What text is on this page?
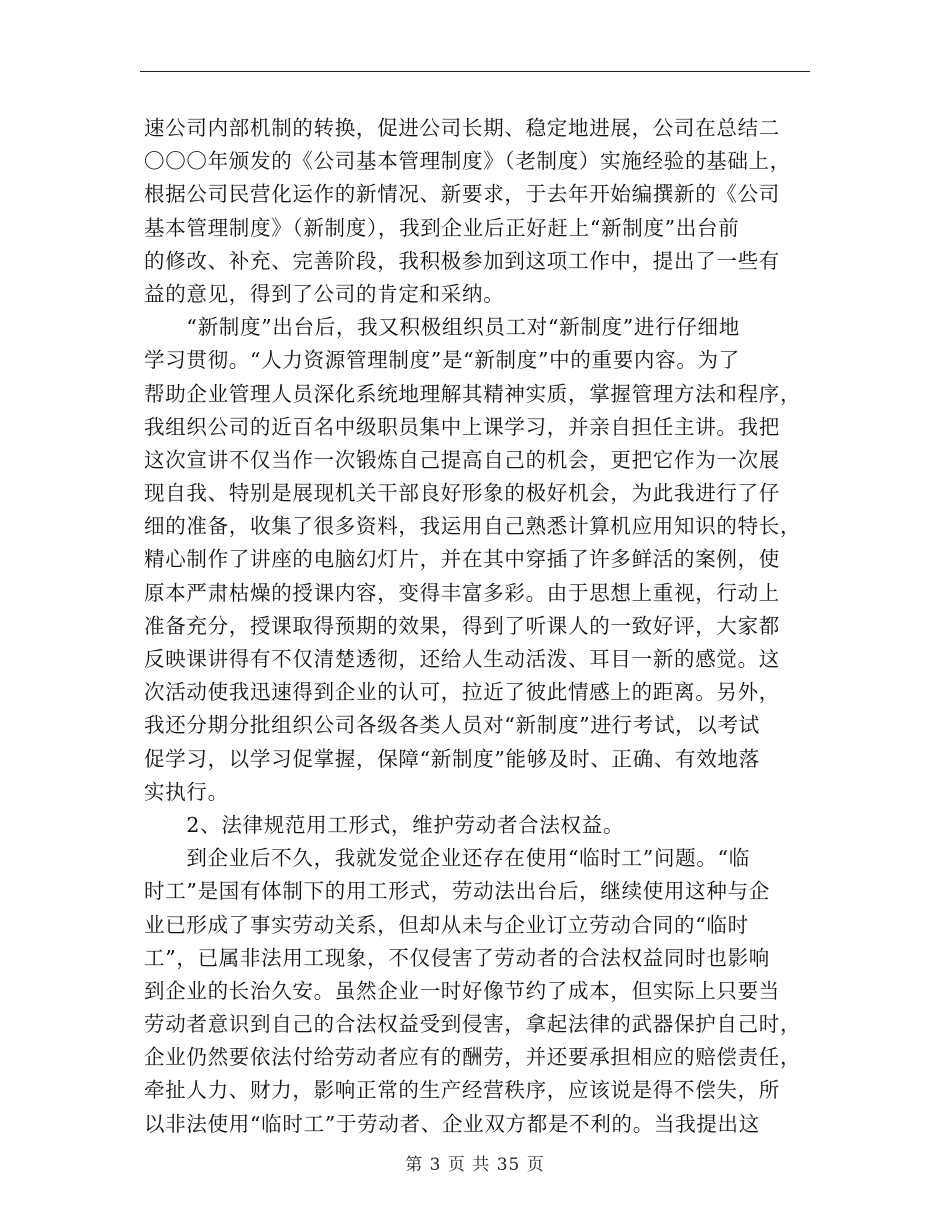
速公司内部机制的转换，促进公司长期、稳定地进展，公司在总结二
〇〇〇年颁发的《公司基本管理制度》（老制度）实施经验的基础上，
根据公司民营化运作的新情况、新要求，于去年开始编撰新的《公司
基本管理制度》（新制度），我到企业后正好赶上“新制度”出台前
的修改、补充、完善阶段，我积极参加到这项工作中，提出了一些有
益的意见，得到了公司的肯定和采纳。
　　“新制度”出台后，我又积极组织员工对“新制度”进行仔细地
学习贯彻。“人力资源管理制度”是“新制度”中的重要内容。为了
帮助企业管理人员深化系统地理解其精神实质，掌握管理方法和程序，
我组织公司的近百名中级职员集中上课学习，并亲自担任主讲。我把
这次宣讲不仅当作一次锻炼自己提高自己的机会，更把它作为一次展
现自我、特别是展现机关干部良好形象的极好机会，为此我进行了仔
细的准备，收集了很多资料，我运用自己熟悉计算机应用知识的特长，
精心制作了讲座的电脑幻灯片，并在其中穿插了许多鲜活的案例，使
原本严肃枯燥的授课内容，变得丰富多彩。由于思想上重视，行动上
准备充分，授课取得预期的效果，得到了听课人的一致好评，大家都
反映课讲得有不仅清楚透彻，还给人生动活泼、耳目一新的感觉。这
次活动使我迅速得到企业的认可，拉近了彼此情感上的距离。另外，
我还分期分批组织公司各级各类人员对“新制度”进行考试，以考试
促学习，以学习促掌握，保障“新制度”能够及时、正确、有效地落
实执行。
　　2、法律规范用工形式，维护劳动者合法权益。
　　到企业后不久，我就发觉企业还存在使用“临时工”问题。“临
时工”是国有体制下的用工形式，劳动法出台后，继续使用这种与企
业已形成了事实劳动关系，但却从未与企业订立劳动合同的“临时
工”，已属非法用工现象，不仅侵害了劳动者的合法权益同时也影响
到企业的长治久安。虽然企业一时好像节约了成本，但实际上只要当
劳动者意识到自己的合法权益受到侵害，拿起法律的武器保护自己时，
企业仍然要依法付给劳动者应有的酬劳，并还要承担相应的赔偿责任，
牵扯人力、财力，影响正常的生产经营秩序，应该说是得不偿失，所
以非法使用“临时工”于劳动者、企业双方都是不利的。当我提出这
第 3 页 共 35 页
